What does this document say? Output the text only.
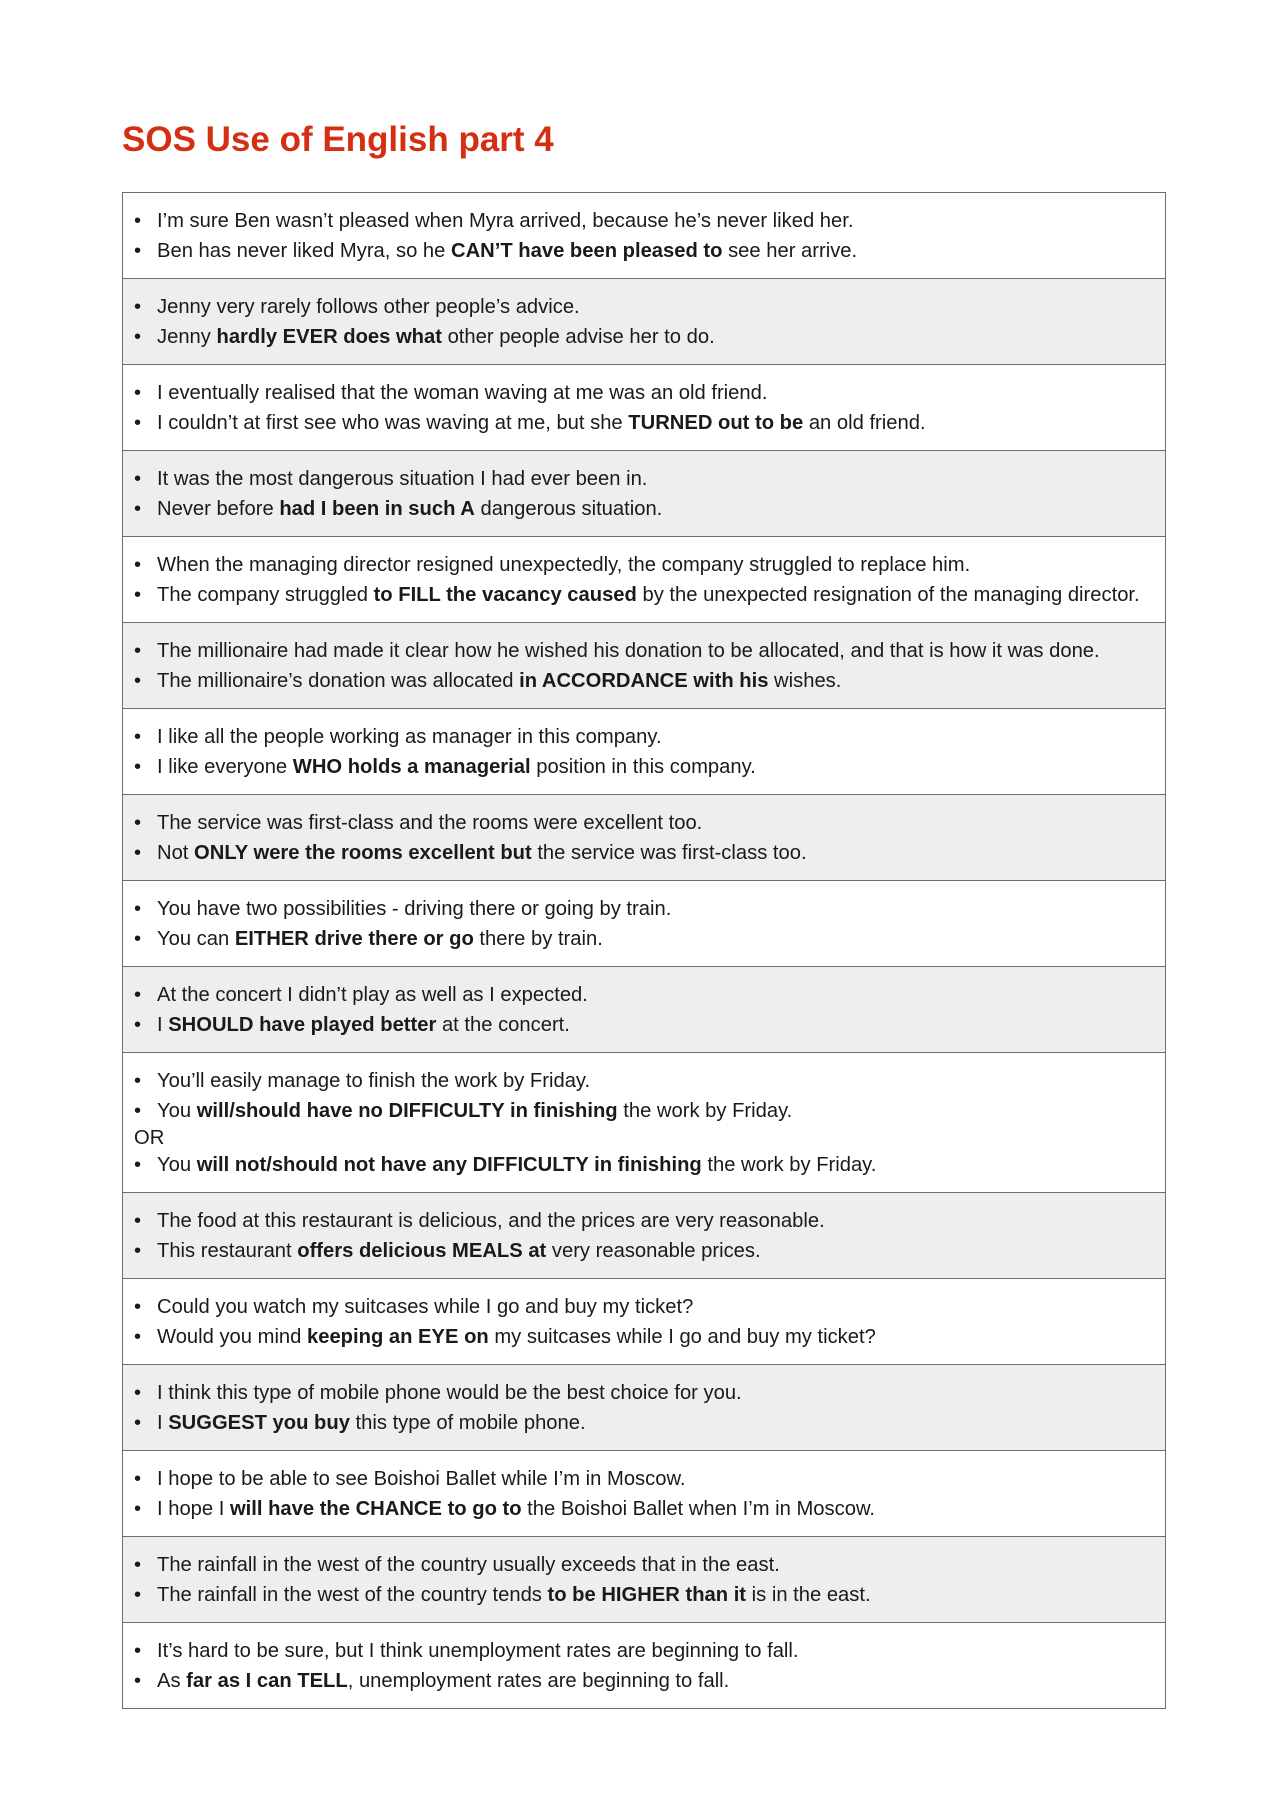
SOS Use of English part 4
• I’m sure Ben wasn’t pleased when Myra arrived, because he’s never liked her.
• Ben has never liked Myra, so he CAN’T have been pleased to see her arrive.
• Jenny very rarely follows other people’s advice.
• Jenny hardly EVER does what other people advise her to do.
• I eventually realised that the woman waving at me was an old friend.
• I couldn’t at first see who was waving at me, but she TURNED out to be an old friend.
• It was the most dangerous situation I had ever been in.
• Never before had I been in such A dangerous situation.
• When the managing director resigned unexpectedly, the company struggled to replace him.
• The company struggled to FILL the vacancy caused by the unexpected resignation of the managing director.
• The millionaire had made it clear how he wished his donation to be allocated, and that is how it was done.
• The millionaire’s donation was allocated in ACCORDANCE with his wishes.
• I like all the people working as manager in this company.
• I like everyone WHO holds a managerial position in this company.
• The service was first-class and the rooms were excellent too.
• Not ONLY were the rooms excellent but the service was first-class too.
• You have two possibilities - driving there or going by train.
• You can EITHER drive there or go there by train.
• At the concert I didn’t play as well as I expected.
• I SHOULD have played better at the concert.
• You’ll easily manage to finish the work by Friday.
• You will/should have no DIFFICULTY in finishing the work by Friday.
OR
• You will not/should not have any DIFFICULTY in finishing the work by Friday.
• The food at this restaurant is delicious, and the prices are very reasonable.
• This restaurant offers delicious MEALS at very reasonable prices.
• Could you watch my suitcases while I go and buy my ticket?
• Would you mind keeping an EYE on my suitcases while I go and buy my ticket?
• I think this type of mobile phone would be the best choice for you.
• I SUGGEST you buy this type of mobile phone.
• I hope to be able to see Boishoi Ballet while I’m in Moscow.
• I hope I will have the CHANCE to go to the Boishoi Ballet when I’m in Moscow.
• The rainfall in the west of the country usually exceeds that in the east.
• The rainfall in the west of the country tends to be HIGHER than it is in the east.
• It’s hard to be sure, but I think unemployment rates are beginning to fall.
• As far as I can TELL, unemployment rates are beginning to fall.
